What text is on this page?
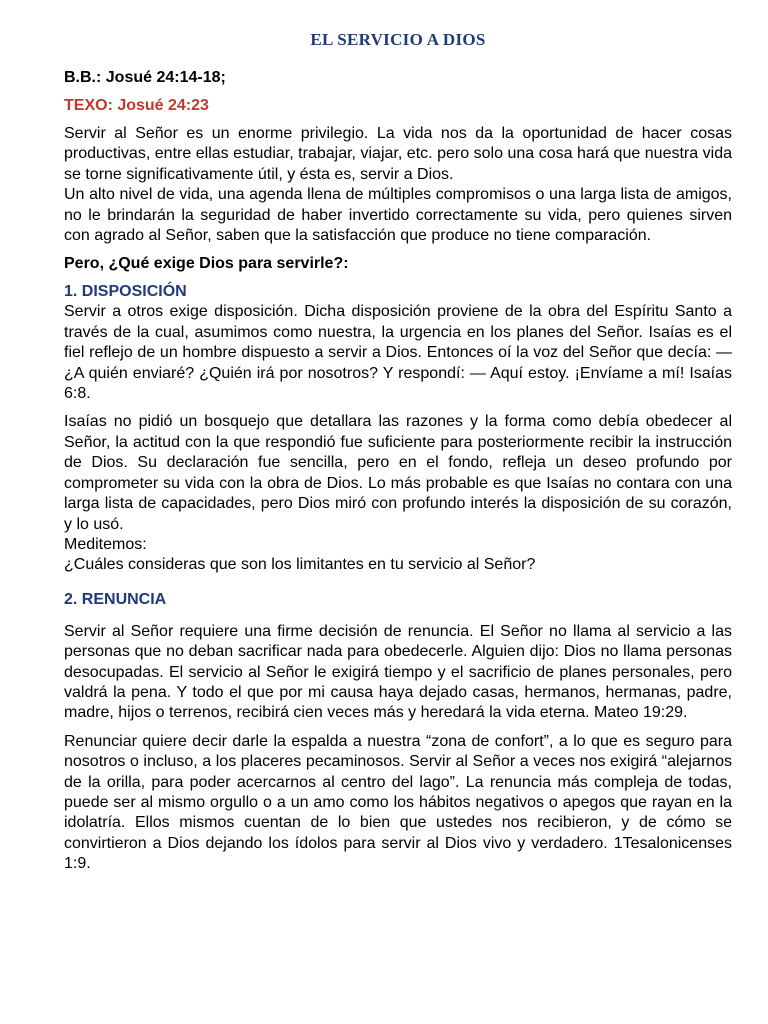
EL SERVICIO A DIOS
B.B.: Josué 24:14-18;
TEXO: Josué 24:23

Servir al Señor es un enorme privilegio. La vida nos da la oportunidad de hacer cosas productivas, entre ellas estudiar, trabajar, viajar, etc. pero solo una cosa hará que nuestra vida se torne significativamente útil, y ésta es, servir a Dios.

Un alto nivel de vida, una agenda llena de múltiples compromisos o una larga lista de amigos, no le brindarán la seguridad de haber invertido correctamente su vida, pero quienes sirven con agrado al Señor, saben que la satisfacción que produce no tiene comparación.

Pero, ¿Qué exige Dios para servirle?:
1. DISPOSICIÓN

Servir a otros exige disposición. Dicha disposición proviene de la obra del Espíritu Santo a través de la cual, asumimos como nuestra, la urgencia en los planes del Señor. Isaías es el fiel reflejo de un hombre dispuesto a servir a Dios. Entonces oí la voz del Señor que decía: — ¿A quién enviaré? ¿Quién irá por nosotros? Y respondí: — Aquí estoy. ¡Envíame a mí! Isaías 6:8.

Isaías no pidió un bosquejo que detallara las razones y la forma como debía obedecer al Señor, la actitud con la que respondió fue suficiente para posteriormente recibir la instrucción de Dios. Su declaración fue sencilla, pero en el fondo, refleja un deseo profundo por comprometer su vida con la obra de Dios. Lo más probable es que Isaías no contara con una larga lista de capacidades, pero Dios miró con profundo interés la disposición de su corazón, y lo usó.

Meditemos:

¿Cuáles consideras que son los limitantes en tu servicio al Señor?

2. RENUNCIA

Servir al Señor requiere una firme decisión de renuncia. El Señor no llama al servicio a las personas que no deban sacrificar nada para obedecerle. Alguien dijo: Dios no llama personas desocupadas. El servicio al Señor le exigirá tiempo y el sacrificio de planes personales, pero valdrá la pena. Y todo el que por mi causa haya dejado casas, hermanos, hermanas, padre, madre, hijos o terrenos, recibirá cien veces más y heredará la vida eterna. Mateo 19:29.

Renunciar quiere decir darle la espalda a nuestra “zona de confort”, a lo que es seguro para nosotros o incluso, a los placeres pecaminosos. Servir al Señor a veces nos exigirá “alejarnos de la orilla, para poder acercarnos al centro del lago”. La renuncia más compleja de todas, puede ser al mismo orgullo o a un amo como los hábitos negativos o apegos que rayan en la idolatría. Ellos mismos cuentan de lo bien que ustedes nos recibieron, y de cómo se convirtieron a Dios dejando los ídolos para servir al Dios vivo y verdadero. 1Tesalonicenses 1:9.
